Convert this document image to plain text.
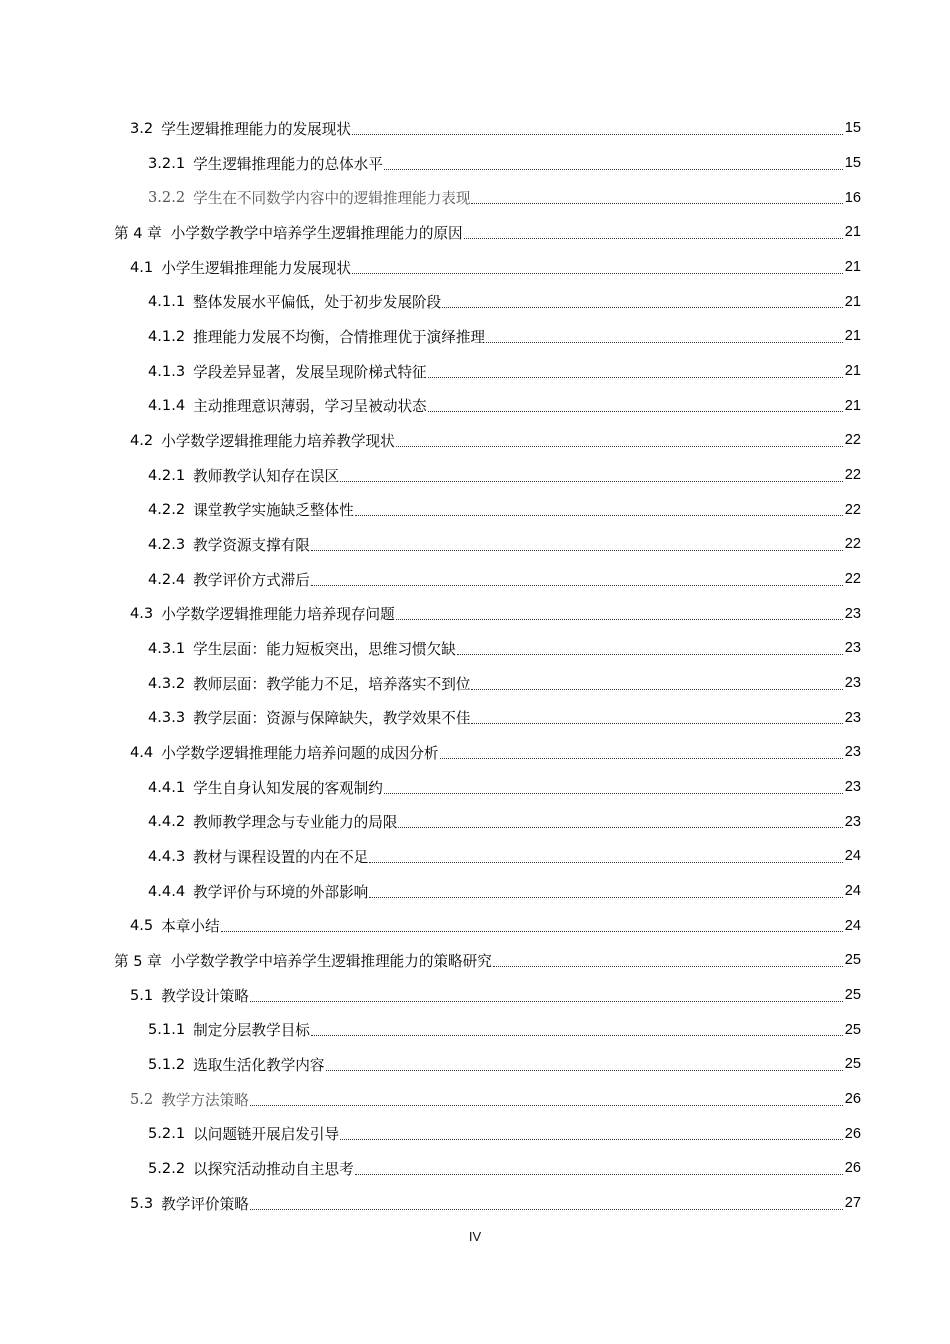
3.2 学生逻辑推理能力的发展现状	15
3.2.1 学生逻辑推理能力的总体水平	15
3.2.2 学生在不同数学内容中的逻辑推理能力表现	16
第 4 章 小学数学教学中培养学生逻辑推理能力的原因	21
4.1 小学生逻辑推理能力发展现状	21
4.1.1 整体发展水平偏低，处于初步发展阶段	21
4.1.2 推理能力发展不均衡，合情推理优于演绎推理	21
4.1.3 学段差异显著，发展呈现阶梯式特征	21
4.1.4 主动推理意识薄弱，学习呈被动状态	21
4.2 小学数学逻辑推理能力培养教学现状	22
4.2.1 教师教学认知存在误区	22
4.2.2 课堂教学实施缺乏整体性	22
4.2.3 教学资源支撑有限	22
4.2.4 教学评价方式滞后	22
4.3 小学数学逻辑推理能力培养现存问题	23
4.3.1 学生层面：能力短板突出，思维习惯欠缺	23
4.3.2 教师层面：教学能力不足，培养落实不到位	23
4.3.3 教学层面：资源与保障缺失，教学效果不佳	23
4.4 小学数学逻辑推理能力培养问题的成因分析	23
4.4.1 学生自身认知发展的客观制约	23
4.4.2 教师教学理念与专业能力的局限	23
4.4.3 教材与课程设置的内在不足	24
4.4.4 教学评价与环境的外部影响	24
4.5 本章小结	24
第 5 章 小学数学教学中培养学生逻辑推理能力的策略研究	25
5.1 教学设计策略	25
5.1.1 制定分层教学目标	25
5.1.2 选取生活化教学内容	25
5.2 教学方法策略	26
5.2.1 以问题链开展启发引导	26
5.2.2 以探究活动推动自主思考	26
5.3 教学评价策略	27
IV
